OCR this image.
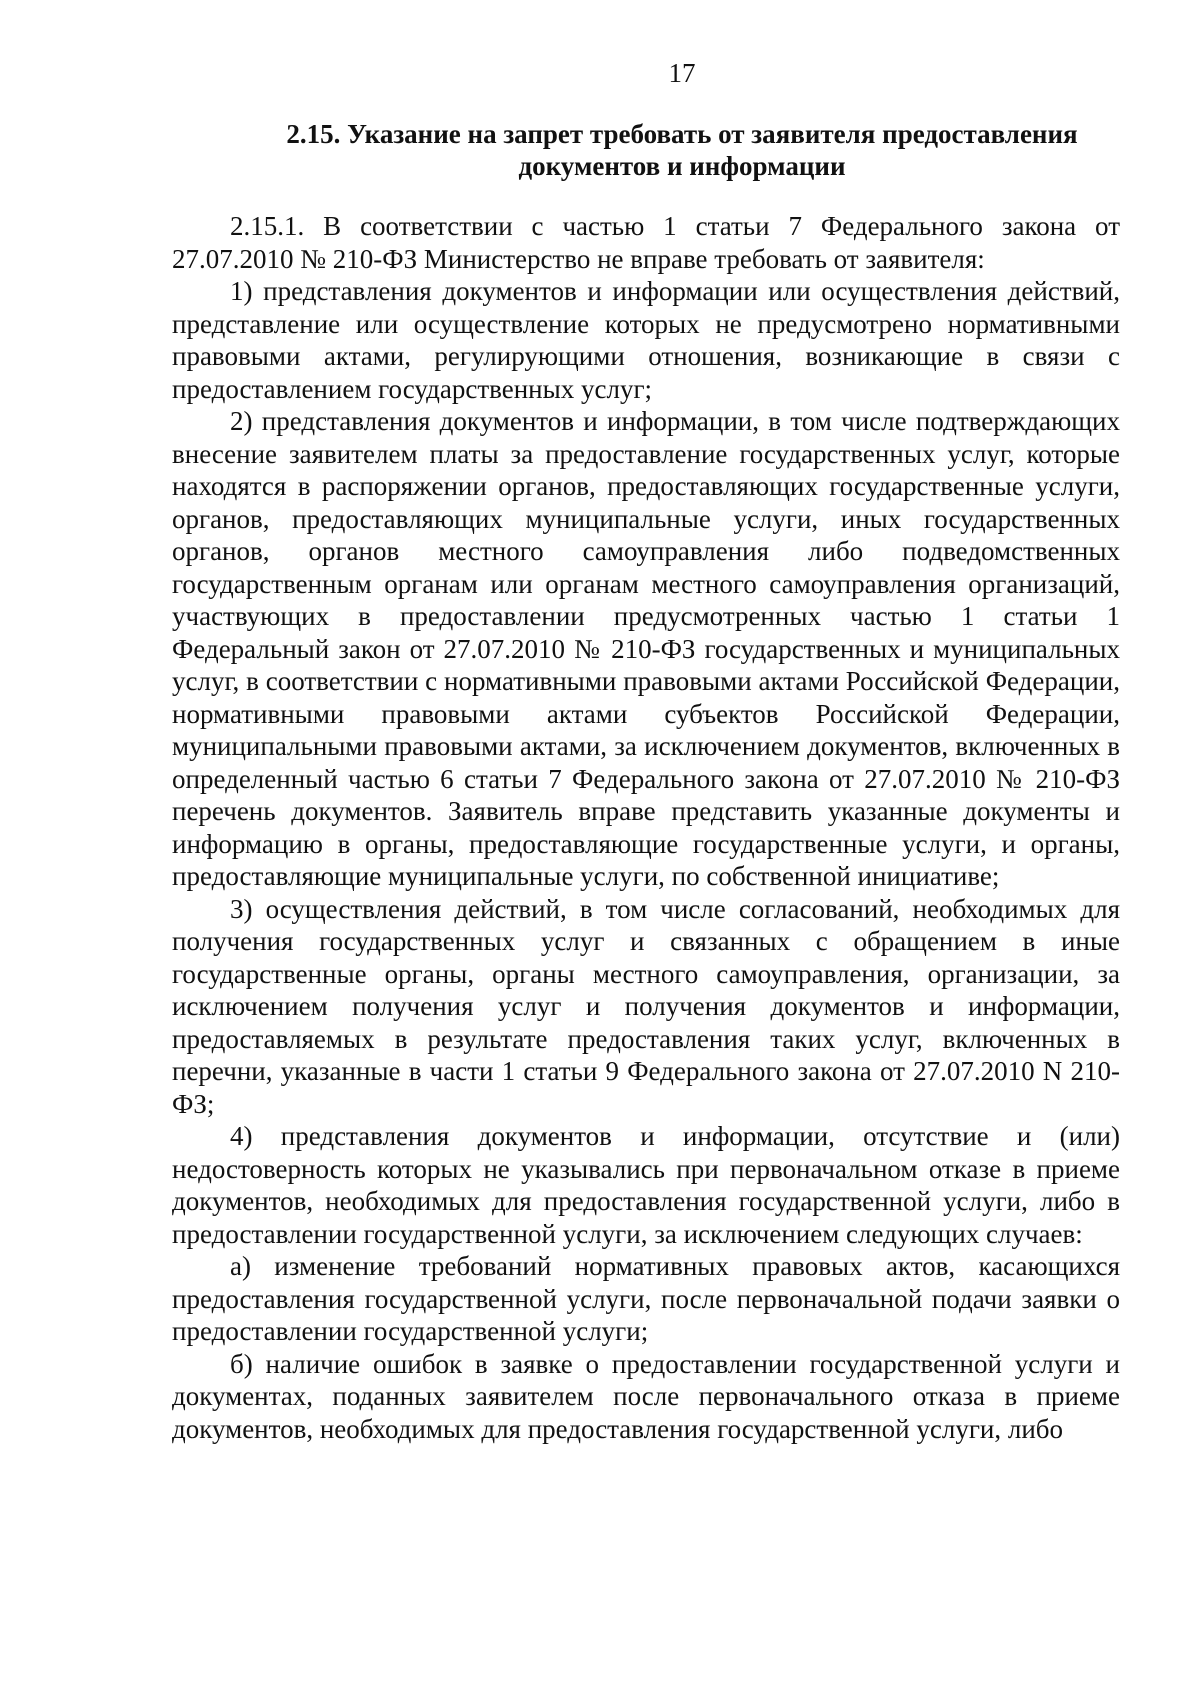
17
2.15. Указание на запрет требовать от заявителя предоставления
документов и информации

2.15.1. В соответствии с частью 1 статьи 7 Федерального закона от 27.07.2010 № 210-ФЗ Министерство не вправе требовать от заявителя:

1) представления документов и информации или осуществления действий, представление или осуществление которых не предусмотрено нормативными правовыми актами, регулирующими отношения, возникающие в связи с предоставлением государственных услуг;

2) представления документов и информации, в том числе подтверждающих внесение заявителем платы за предоставление государственных услуг, которые находятся в распоряжении органов, предоставляющих государственные услуги, органов, предоставляющих муниципальные услуги, иных государственных органов, органов местного самоуправления либо подведомственных государственным органам или органам местного самоуправления организаций, участвующих в предоставлении предусмотренных частью 1 статьи 1 Федеральный закон от 27.07.2010 № 210-ФЗ государственных и муниципальных услуг, в соответствии с нормативными правовыми актами Российской Федерации, нормативными правовыми актами субъектов Российской Федерации, муниципальными правовыми актами, за исключением документов, включенных в определенный частью 6 статьи 7 Федерального закона от 27.07.2010 № 210-ФЗ перечень документов. Заявитель вправе представить указанные документы и информацию в органы, предоставляющие государственные услуги, и органы, предоставляющие муниципальные услуги, по собственной инициативе;

3) осуществления действий, в том числе согласований, необходимых для получения государственных услуг и связанных с обращением в иные государственные органы, органы местного самоуправления, организации, за исключением получения услуг и получения документов и информации, предоставляемых в результате предоставления таких услуг, включенных в перечни, указанные в части 1 статьи 9 Федерального закона от 27.07.2010 N 210-ФЗ;

4) представления документов и информации, отсутствие и (или) недостоверность которых не указывались при первоначальном отказе в приеме документов, необходимых для предоставления государственной услуги, либо в предоставлении государственной услуги, за исключением следующих случаев:

а) изменение требований нормативных правовых актов, касающихся предоставления государственной услуги, после первоначальной подачи заявки о предоставлении государственной услуги;

б) наличие ошибок в заявке о предоставлении государственной услуги и документах, поданных заявителем после первоначального отказа в приеме документов, необходимых для предоставления государственной услуги, либо
